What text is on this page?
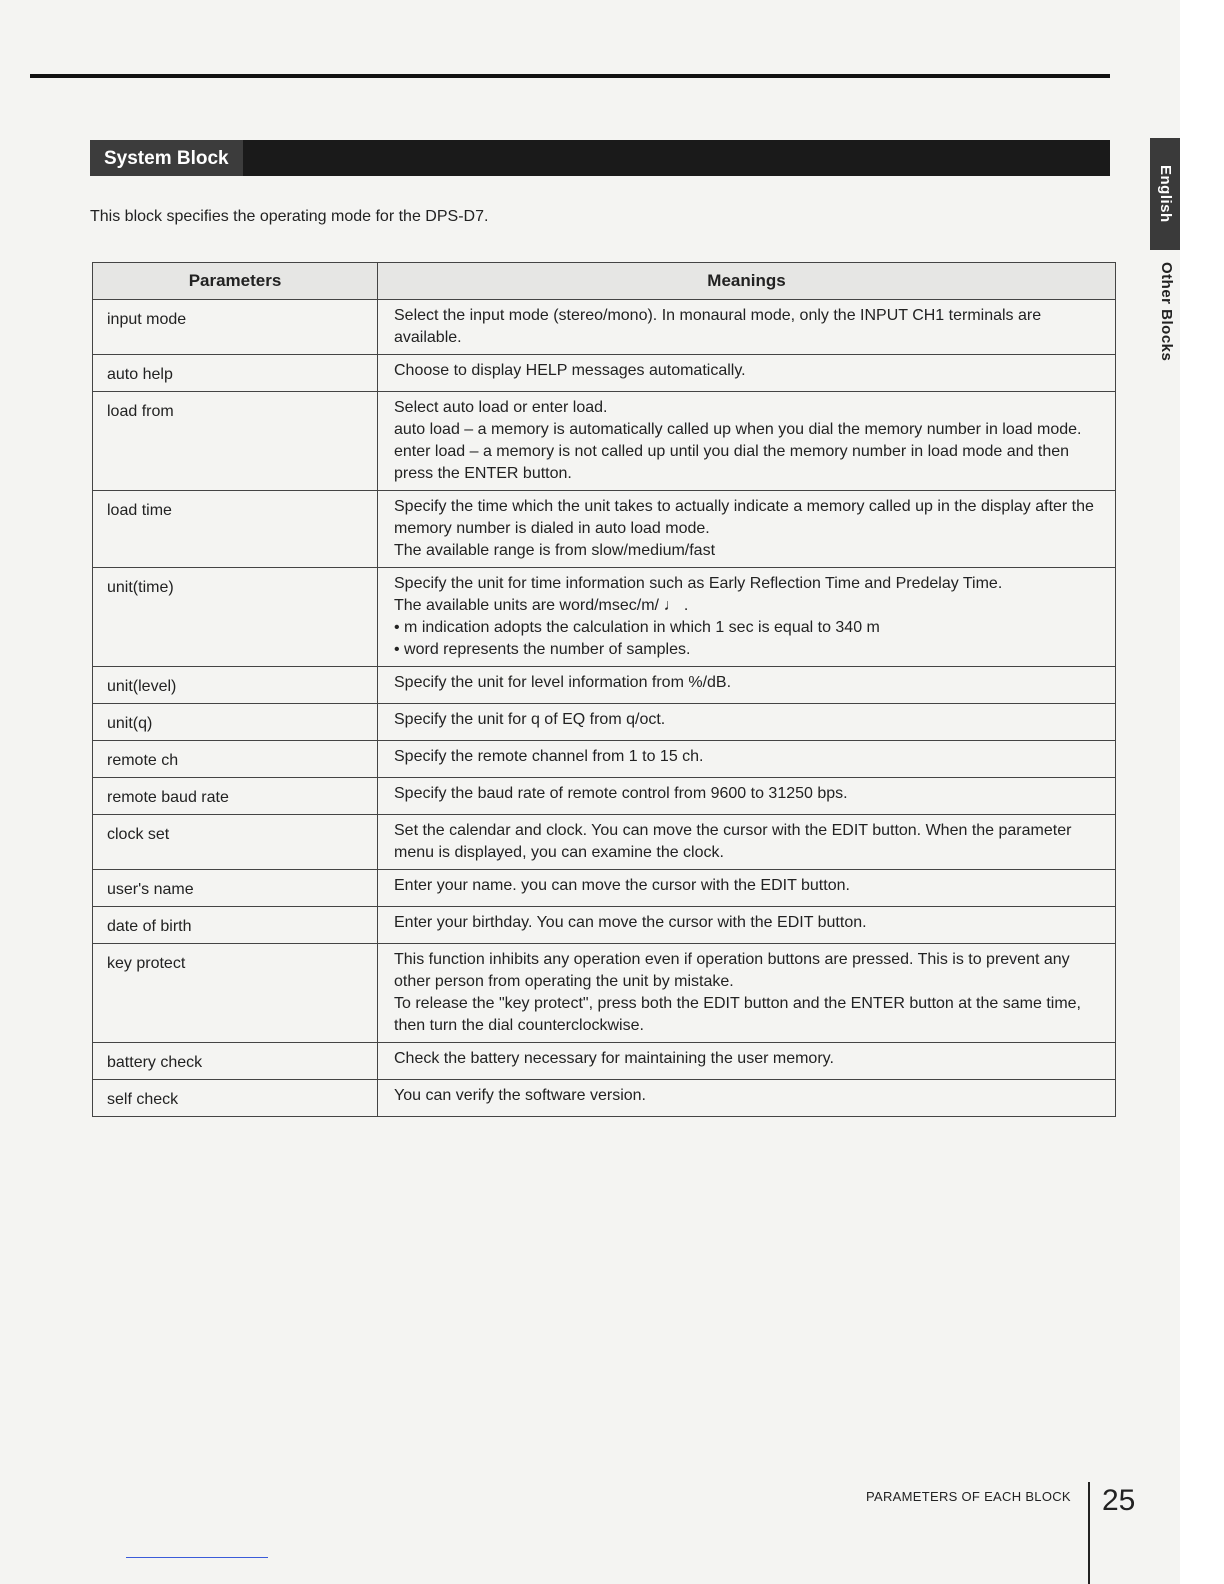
System Block
This block specifies the operating mode for the DPS-D7.
Parameters	Meanings
input mode	Select the input mode (stereo/mono). In monaural mode, only the INPUT CH1 terminals are available.

auto help	Choose to display HELP messages automatically.

load from	Select auto load or enter load.
auto load – a memory is automatically called up when you dial the memory number in load mode.
enter load – a memory is not called up until you dial the memory number in load mode and then press the ENTER button.

load time	Specify the time which the unit takes to actually indicate a memory called up in the display after the memory number is dialed in auto load mode.
The available range is from slow/medium/fast

unit(time)	Specify the unit for time information such as Early Reflection Time and Predelay Time.
The available units are word/msec/m/ ♩ .
• m indication adopts the calculation in which 1 sec is equal to 340 m
• word represents the number of samples.

unit(level)	Specify the unit for level information from %/dB.

unit(q)	Specify the unit for q of EQ from q/oct.

remote ch	Specify the remote channel from 1 to 15 ch.

remote baud rate	Specify the baud rate of remote control from 9600 to 31250 bps.

clock set	Set the calendar and clock. You can move the cursor with the EDIT button. When the parameter menu is displayed, you can examine the clock.

user's name	Enter your name. you can move the cursor with the EDIT button.

date of birth	Enter your birthday. You can move the cursor with the EDIT button.

key protect	This function inhibits any operation even if operation buttons are pressed. This is to prevent any other person from operating the unit by mistake.
To release the "key protect", press both the EDIT button and the ENTER button at the same time, then turn the dial counterclockwise.

battery check	Check the battery necessary for maintaining the user memory.

self check	You can verify the software version.
English
Other Blocks
PARAMETERS OF EACH BLOCK 25
